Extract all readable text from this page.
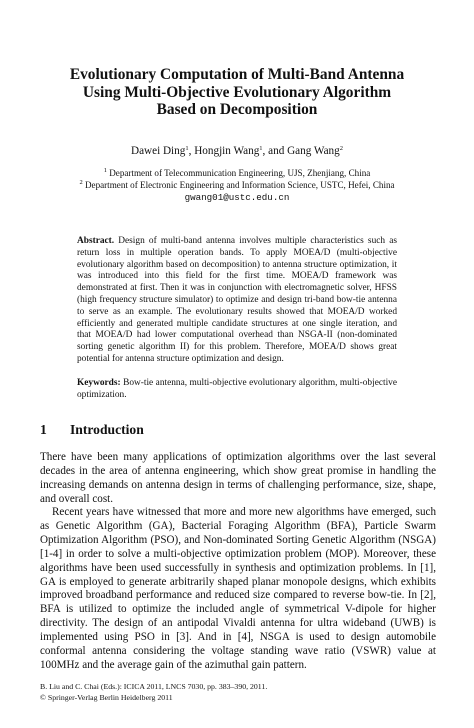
Evolutionary Computation of Multi-Band Antenna
Using Multi-Objective Evolutionary Algorithm
Based on Decomposition
Dawei Ding$^1$, Hongjin Wang$^1$, and Gang Wang$^2$
$^1$ Department of Telecommunication Engineering, UJS, Zhenjiang, China
$^2$ Department of Electronic Engineering and Information Science, USTC, Hefei, China
gwang01@ustc.edu.cn
Abstract. Design of multi-band antenna involves multiple characteristics such as return loss in multiple operation bands. To apply MOEA/D (multi-objective evolutionary algorithm based on decomposition) to antenna structure optimization, it was introduced into this field for the first time. MOEA/D framework was demonstrated at first. Then it was in conjunction with electromagnetic solver, HFSS (high frequency structure simulator) to optimize and design tri-band bow-tie antenna to serve as an example. The evolutionary results showed that MOEA/D worked efficiently and generated multiple candidate structures at one single iteration, and that MOEA/D had lower computational overhead than NSGA-II (non-dominated sorting genetic algorithm II) for this problem. Therefore, MOEA/D shows great potential for antenna structure optimization and design.
Keywords: Bow-tie antenna, multi-objective evolutionary algorithm, multi-objective optimization.
1 Introduction

There have been many applications of optimization algorithms over the last several decades in the area of antenna engineering, which show great promise in handling the increasing demands on antenna design in terms of challenging performance, size, shape, and overall cost.

Recent years have witnessed that more and more new algorithms have emerged, such as Genetic Algorithm (GA), Bacterial Foraging Algorithm (BFA), Particle Swarm Optimization Algorithm (PSO), and Non-dominated Sorting Genetic Algorithm (NSGA) [1-4] in order to solve a multi-objective optimization problem (MOP). Moreover, these algorithms have been used successfully in synthesis and optimization problems. In [1], GA is employed to generate arbitrarily shaped planar monopole designs, which exhibits improved broadband performance and reduced size compared to reverse bow-tie. In [2], BFA is utilized to optimize the included angle of symmetrical V-dipole for higher directivity. The design of an antipodal Vivaldi antenna for ultra wideband (UWB) is implemented using PSO in [3]. And in [4], NSGA is used to design automobile conformal antenna considering the voltage standing wave ratio (VSWR) value at 100MHz and the average gain of the azimuthal gain pattern.

B. Liu and C. Chai (Eds.): ICICA 2011, LNCS 7030, pp. 383–390, 2011.
© Springer-Verlag Berlin Heidelberg 2011
